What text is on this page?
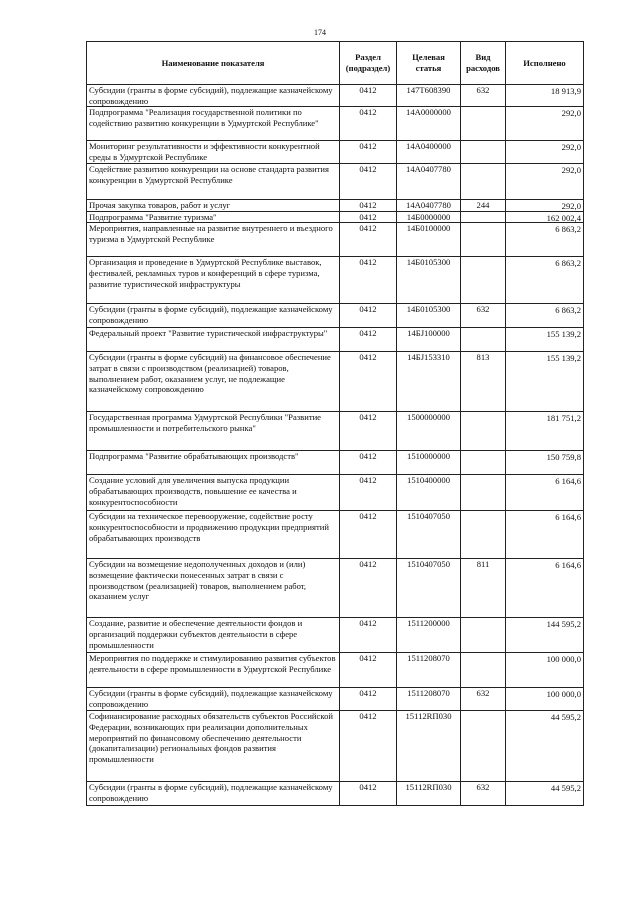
174
Наименование показателя	Раздел (подраздел)	Целевая статья	Вид расходов	Исполнено
Субсидии (гранты в форме субсидий), подлежащие казначейскому сопровождению	0412	147Т608390	632	18 913,9
Подпрограмма "Реализация государственной политики по содействию развитию конкуренции в Удмуртской Республике"	0412	14А0000000		292,0
Мониторинг результативности и эффективности конкурентной среды в Удмуртской Республике	0412	14А0400000		292,0
Содействие развитию конкуренции на основе стандарта развития конкуренции в Удмуртской Республике	0412	14А0407780		292,0
Прочая закупка товаров, работ и услуг	0412	14А0407780	244	292,0
Подпрограмма "Развитие туризма"	0412	14Б0000000		162 002,4
Мероприятия, направленные на развитие внутреннего и въездного туризма в Удмуртской Республике	0412	14Б0100000		6 863,2
Организация и проведение в Удмуртской Республике выставок, фестивалей, рекламных туров и конференций в сфере туризма, развитие туристической инфраструктуры	0412	14Б0105300		6 863,2
Субсидии (гранты в форме субсидий), подлежащие казначейскому сопровождению	0412	14Б0105300	632	6 863,2
Федеральный проект "Развитие туристической инфраструктуры"	0412	14БJ100000		155 139,2
Субсидии (гранты в форме субсидий) на финансовое обеспечение затрат в связи с производством (реализацией) товаров, выполнением работ, оказанием услуг, не подлежащие казначейскому сопровождению	0412	14БJ153310	813	155 139,2
Государственная программа Удмуртской Республики "Развитие промышленности и потребительского рынка"	0412	1500000000		181 751,2
Подпрограмма "Развитие обрабатывающих производств"	0412	1510000000		150 759,8
Создание условий для увеличения выпуска продукции обрабатывающих производств, повышение ее качества и конкурентоспособности	0412	1510400000		6 164,6
Субсидии на техническое перевооружение, содействие росту конкурентоспособности и продвижению продукции предприятий обрабатывающих производств	0412	1510407050		6 164,6
Субсидии на возмещение недополученных доходов и (или) возмещение фактически понесенных затрат в связи с производством (реализацией) товаров, выполнением работ, оказанием услуг	0412	1510407050	811	6 164,6
Создание, развитие и обеспечение деятельности фондов и организаций поддержки субъектов деятельности в сфере промышленности	0412	1511200000		144 595,2
Мероприятия по поддержке и стимулированию развития субъектов деятельности в сфере промышленности в Удмуртской Республике	0412	1511208070		100 000,0
Субсидии (гранты в форме субсидий), подлежащие казначейскому сопровождению	0412	1511208070	632	100 000,0
Софинансирование расходных обязательств субъектов Российской Федерации, возникающих при реализации дополнительных мероприятий по финансовому обеспечению деятельности (докапитализации) региональных фондов развития промышленности	0412	15112RП030		44 595,2
Субсидии (гранты в форме субсидий), подлежащие казначейскому сопровождению	0412	15112RП030	632	44 595,2
